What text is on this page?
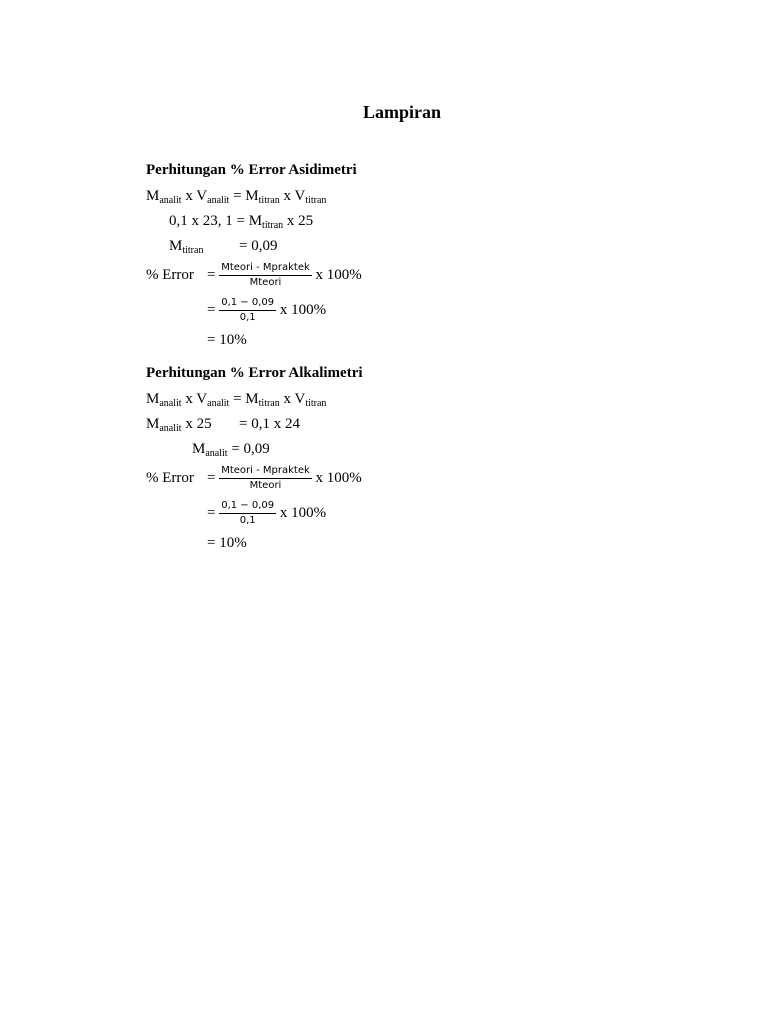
Lampiran
Perhitungan % Error Asidimetri
$M_{analit}$ x $V_{analit} = M_{titran}$ x $V_{titran}$
0,1 x 23, $1 = M_{titran}$ x 25
$M_{titran} = 0,09$
% Error = $\frac{\text{Mteori - Mpraktek}}{\text{Mteori}}$ x 100%
= $\frac{0,1 - 0,09}{0,1}$ x 100%
= 10%
Perhitungan % Error Alkalimetri
$M_{analit}$ x $V_{analit} = M_{titran}$ x $V_{titran}$
$M_{analit}$ x 25 = 0,1 x 24
$M_{analit} = 0,09$
% Error = $\frac{\text{Mteori - Mpraktek}}{\text{Mteori}}$ x 100%
= $\frac{0,1 - 0,09}{0,1}$ x 100%
= 10%
